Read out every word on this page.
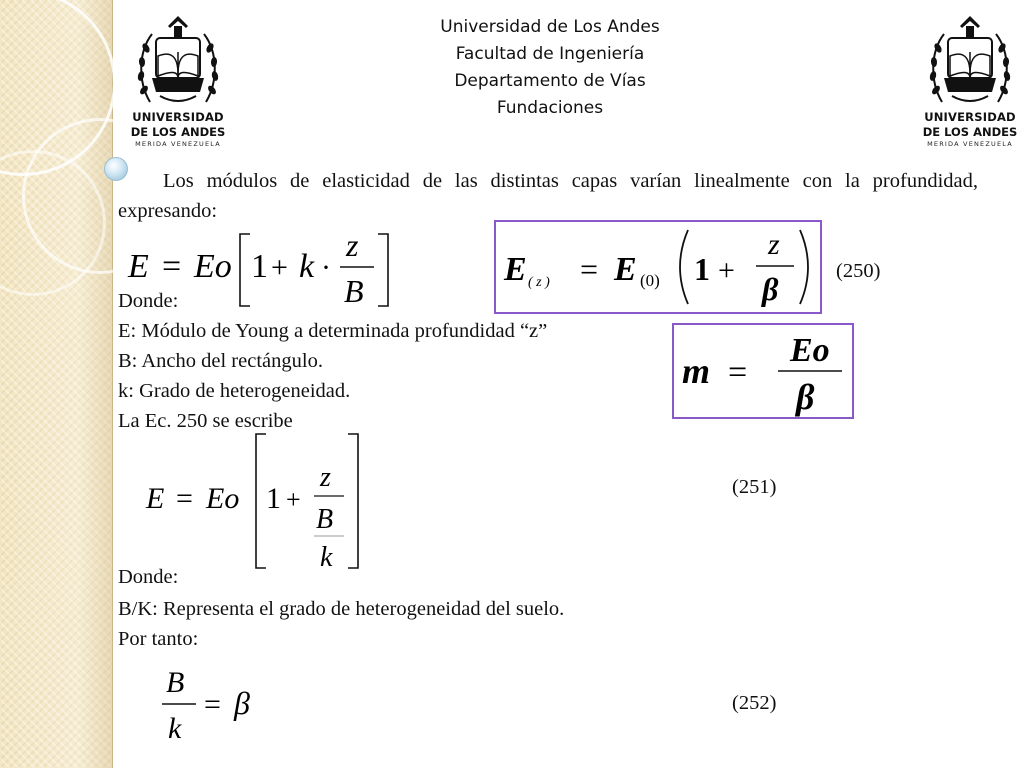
UNIVERSIDAD
DE LOS ANDES
MERIDA VENEZUELA
UNIVERSIDAD
DE LOS ANDES
MERIDA VENEZUELA
Universidad de Los Andes
Facultad de Ingeniería
Departamento de Vías
Fundaciones
Los módulos de elasticidad de las distintas capas varían linealmente con la profundidad, expresando:
E = Eo 1 + k ·
z
B
E ( z ) = E (0) 1 +
z
β	(250)
Donde:
E: Módulo de Young a determinada profundidad “z”
B: Ancho del rectángulo.
k: Grado de heterogeneidad.
La Ec. 250 se escribe
m =
Eo
β
E = Eo 1 +
z
B
k
(251)
Donde:
B/K: Representa el grado de heterogeneidad del suelo.
Por tanto:
B
k
= β	(252)
